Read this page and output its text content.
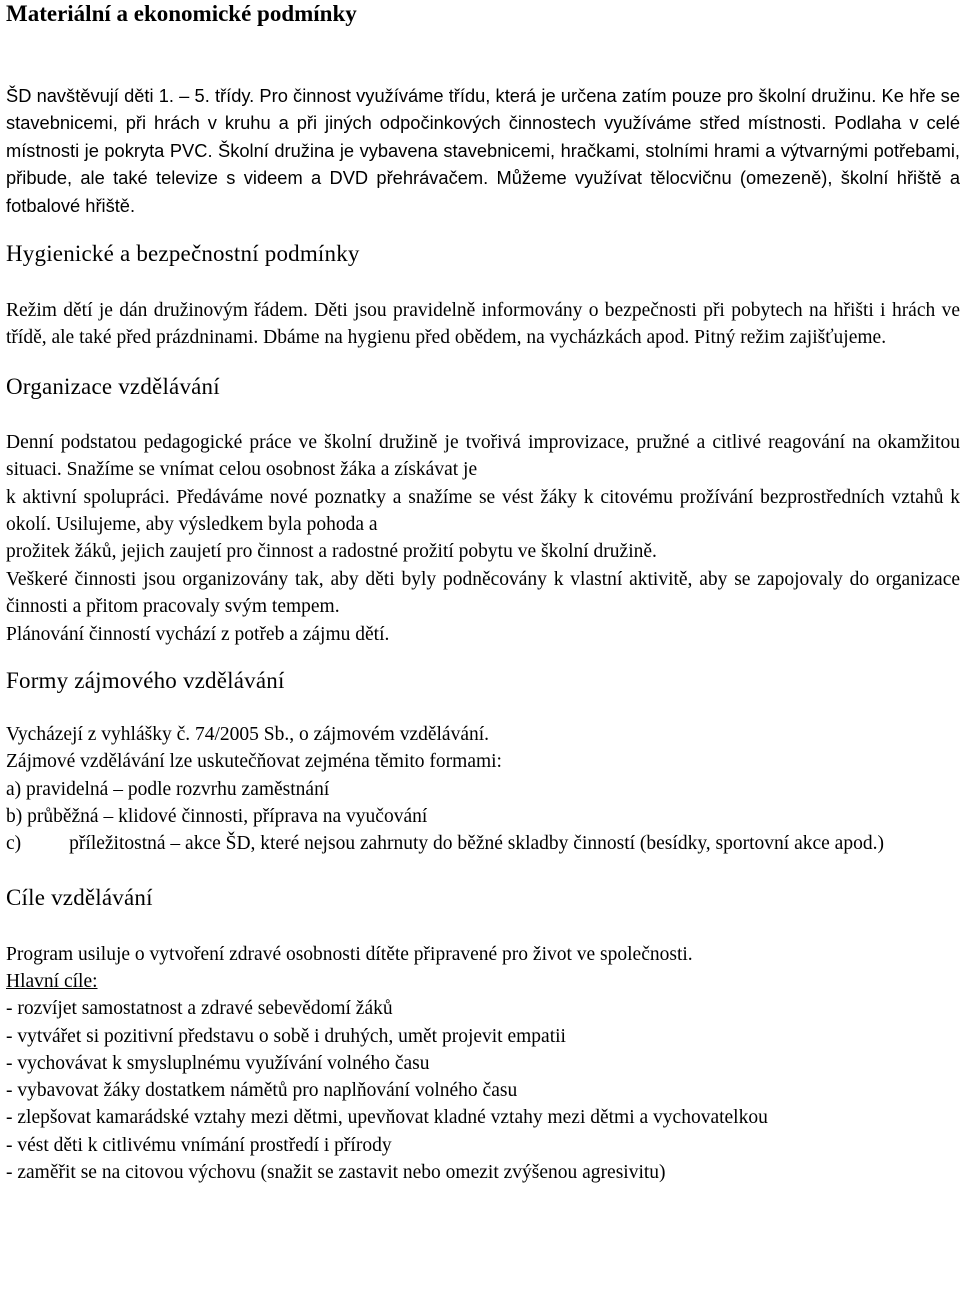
Materiální a ekonomické podmínky

ŠD navštěvují děti 1. – 5. třídy. Pro činnost využíváme třídu, která je určena zatím pouze pro školní družinu. Ke hře se stavebnicemi, při hrách v kruhu a při jiných odpočinkových činnostech využíváme střed místnosti. Podlaha v celé místnosti je pokryta PVC. Školní družina je vybavena stavebnicemi, hračkami, stolními hrami a výtvarnými potřebami, přibude, ale také televize s videem a DVD přehrávačem. Můžeme využívat tělocvičnu (omezeně), školní hřiště a fotbalové hřiště.

Hygienické a bezpečnostní podmínky

Režim dětí je dán družinovým řádem. Děti jsou pravidelně informovány o bezpečnosti při pobytech na hřišti i hrách ve třídě, ale také před prázdninami. Dbáme na hygienu před obědem, na vycházkách apod. Pitný režim zajišťujeme.

Organizace vzdělávání

Denní podstatou pedagogické práce ve školní družině je tvořivá improvizace, pružné a citlivé reagování na okamžitou situaci. Snažíme se vnímat celou osobnost žáka a získávat je

k aktivní spolupráci. Předáváme nové poznatky a snažíme se vést žáky k citovému prožívání bezprostředních vztahů k okolí. Usilujeme, aby výsledkem byla pohoda a

prožitek žáků, jejich zaujetí pro činnost a radostné prožití pobytu ve školní družině.

Veškeré činnosti jsou organizovány tak, aby děti byly podněcovány k vlastní aktivitě, aby se zapojovaly do organizace činnosti a přitom pracovaly svým tempem.

Plánování činností vychází z potřeb a zájmu dětí.

Formy zájmového vzdělávání
Vycházejí z vyhlášky č. 74/2005 Sb., o zájmovém vzdělávání.
Zájmové vzdělávání lze uskutečňovat zejména těmito formami:
a) pravidelná – podle rozvrhu zaměstnání
b) průběžná – klidové činnosti, příprava na vyučování

c) příležitostná – akce ŠD, které nejsou zahrnuty do běžné skladby činností (besídky, sportovní akce apod.)

Cíle vzdělávání
Program usiluje o vytvoření zdravé osobnosti dítěte připravené pro život ve společnosti.
Hlavní cíle:
- rozvíjet samostatnost a zdravé sebevědomí žáků
- vytvářet si pozitivní představu o sobě i druhých, umět projevit empatii
- vychovávat k smysluplnému využívání volného času
- vybavovat žáky dostatkem námětů pro naplňování volného času
- zlepšovat kamarádské vztahy mezi dětmi, upevňovat kladné vztahy mezi dětmi a vychovatelkou
- vést děti k citlivému vnímání prostředí i přírody
- zaměřit se na citovou výchovu (snažit se zastavit nebo omezit zvýšenou agresivitu)
